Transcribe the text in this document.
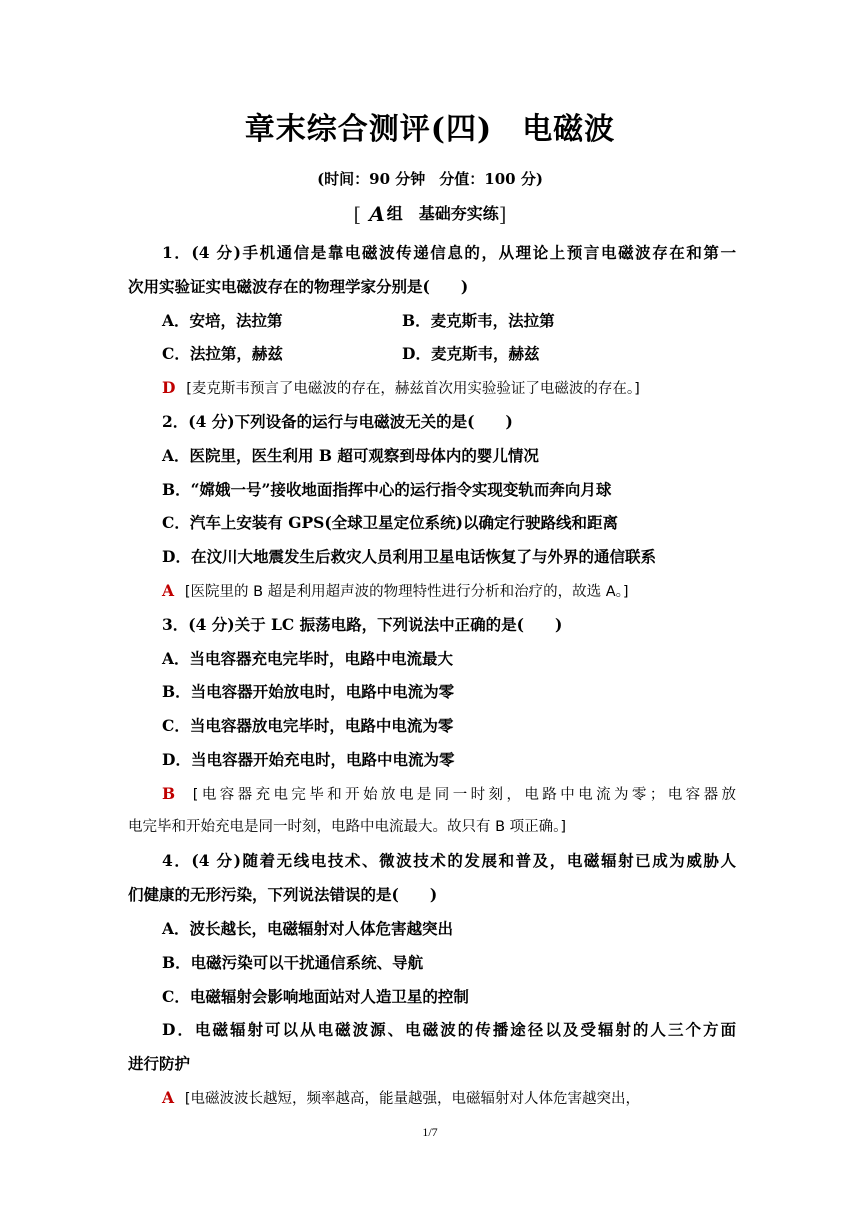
章末综合测评(四) 电磁波
(时间：90 分钟 分值：100 分)
[ A 组　基础夯实练]
1．(4 分)手机通信是靠电磁波传递信息的，从理论上预言电磁波存在和第一
次用实验证实电磁波存在的物理学家分别是(　　)
A．安培，法拉第	B．麦克斯韦，法拉第
C．法拉第，赫兹	D．麦克斯韦，赫兹
D [麦克斯韦预言了电磁波的存在，赫兹首次用实验验证了电磁波的存在。]
2．(4 分)下列设备的运行与电磁波无关的是(　　)
A．医院里，医生利用 B 超可观察到母体内的婴儿情况
B．“嫦娥一号”接收地面指挥中心的运行指令实现变轨而奔向月球
C．汽车上安装有 GPS(全球卫星定位系统)以确定行驶路线和距离
D．在汶川大地震发生后救灾人员利用卫星电话恢复了与外界的通信联系
A [医院里的 B 超是利用超声波的物理特性进行分析和治疗的，故选 A。]
3．(4 分)关于 LC 振荡电路，下列说法中正确的是(　　)
A．当电容器充电完毕时，电路中电流最大
B．当电容器开始放电时，电路中电流为零
C．当电容器放电完毕时，电路中电流为零
D．当电容器开始充电时，电路中电流为零
B [电容器充电完毕和开始放电是同一时刻，电路中电流为零；电容器放
电完毕和开始充电是同一时刻，电路中电流最大。故只有 B 项正确。]
4．(4 分)随着无线电技术、微波技术的发展和普及，电磁辐射已成为威胁人
们健康的无形污染，下列说法错误的是(　　)
A．波长越长，电磁辐射对人体危害越突出
B．电磁污染可以干扰通信系统、导航
C．电磁辐射会影响地面站对人造卫星的控制
D．电磁辐射可以从电磁波源、电磁波的传播途径以及受辐射的人三个方面
进行防护
A [电磁波波长越短，频率越高，能量越强，电磁辐射对人体危害越突出，
1/7
